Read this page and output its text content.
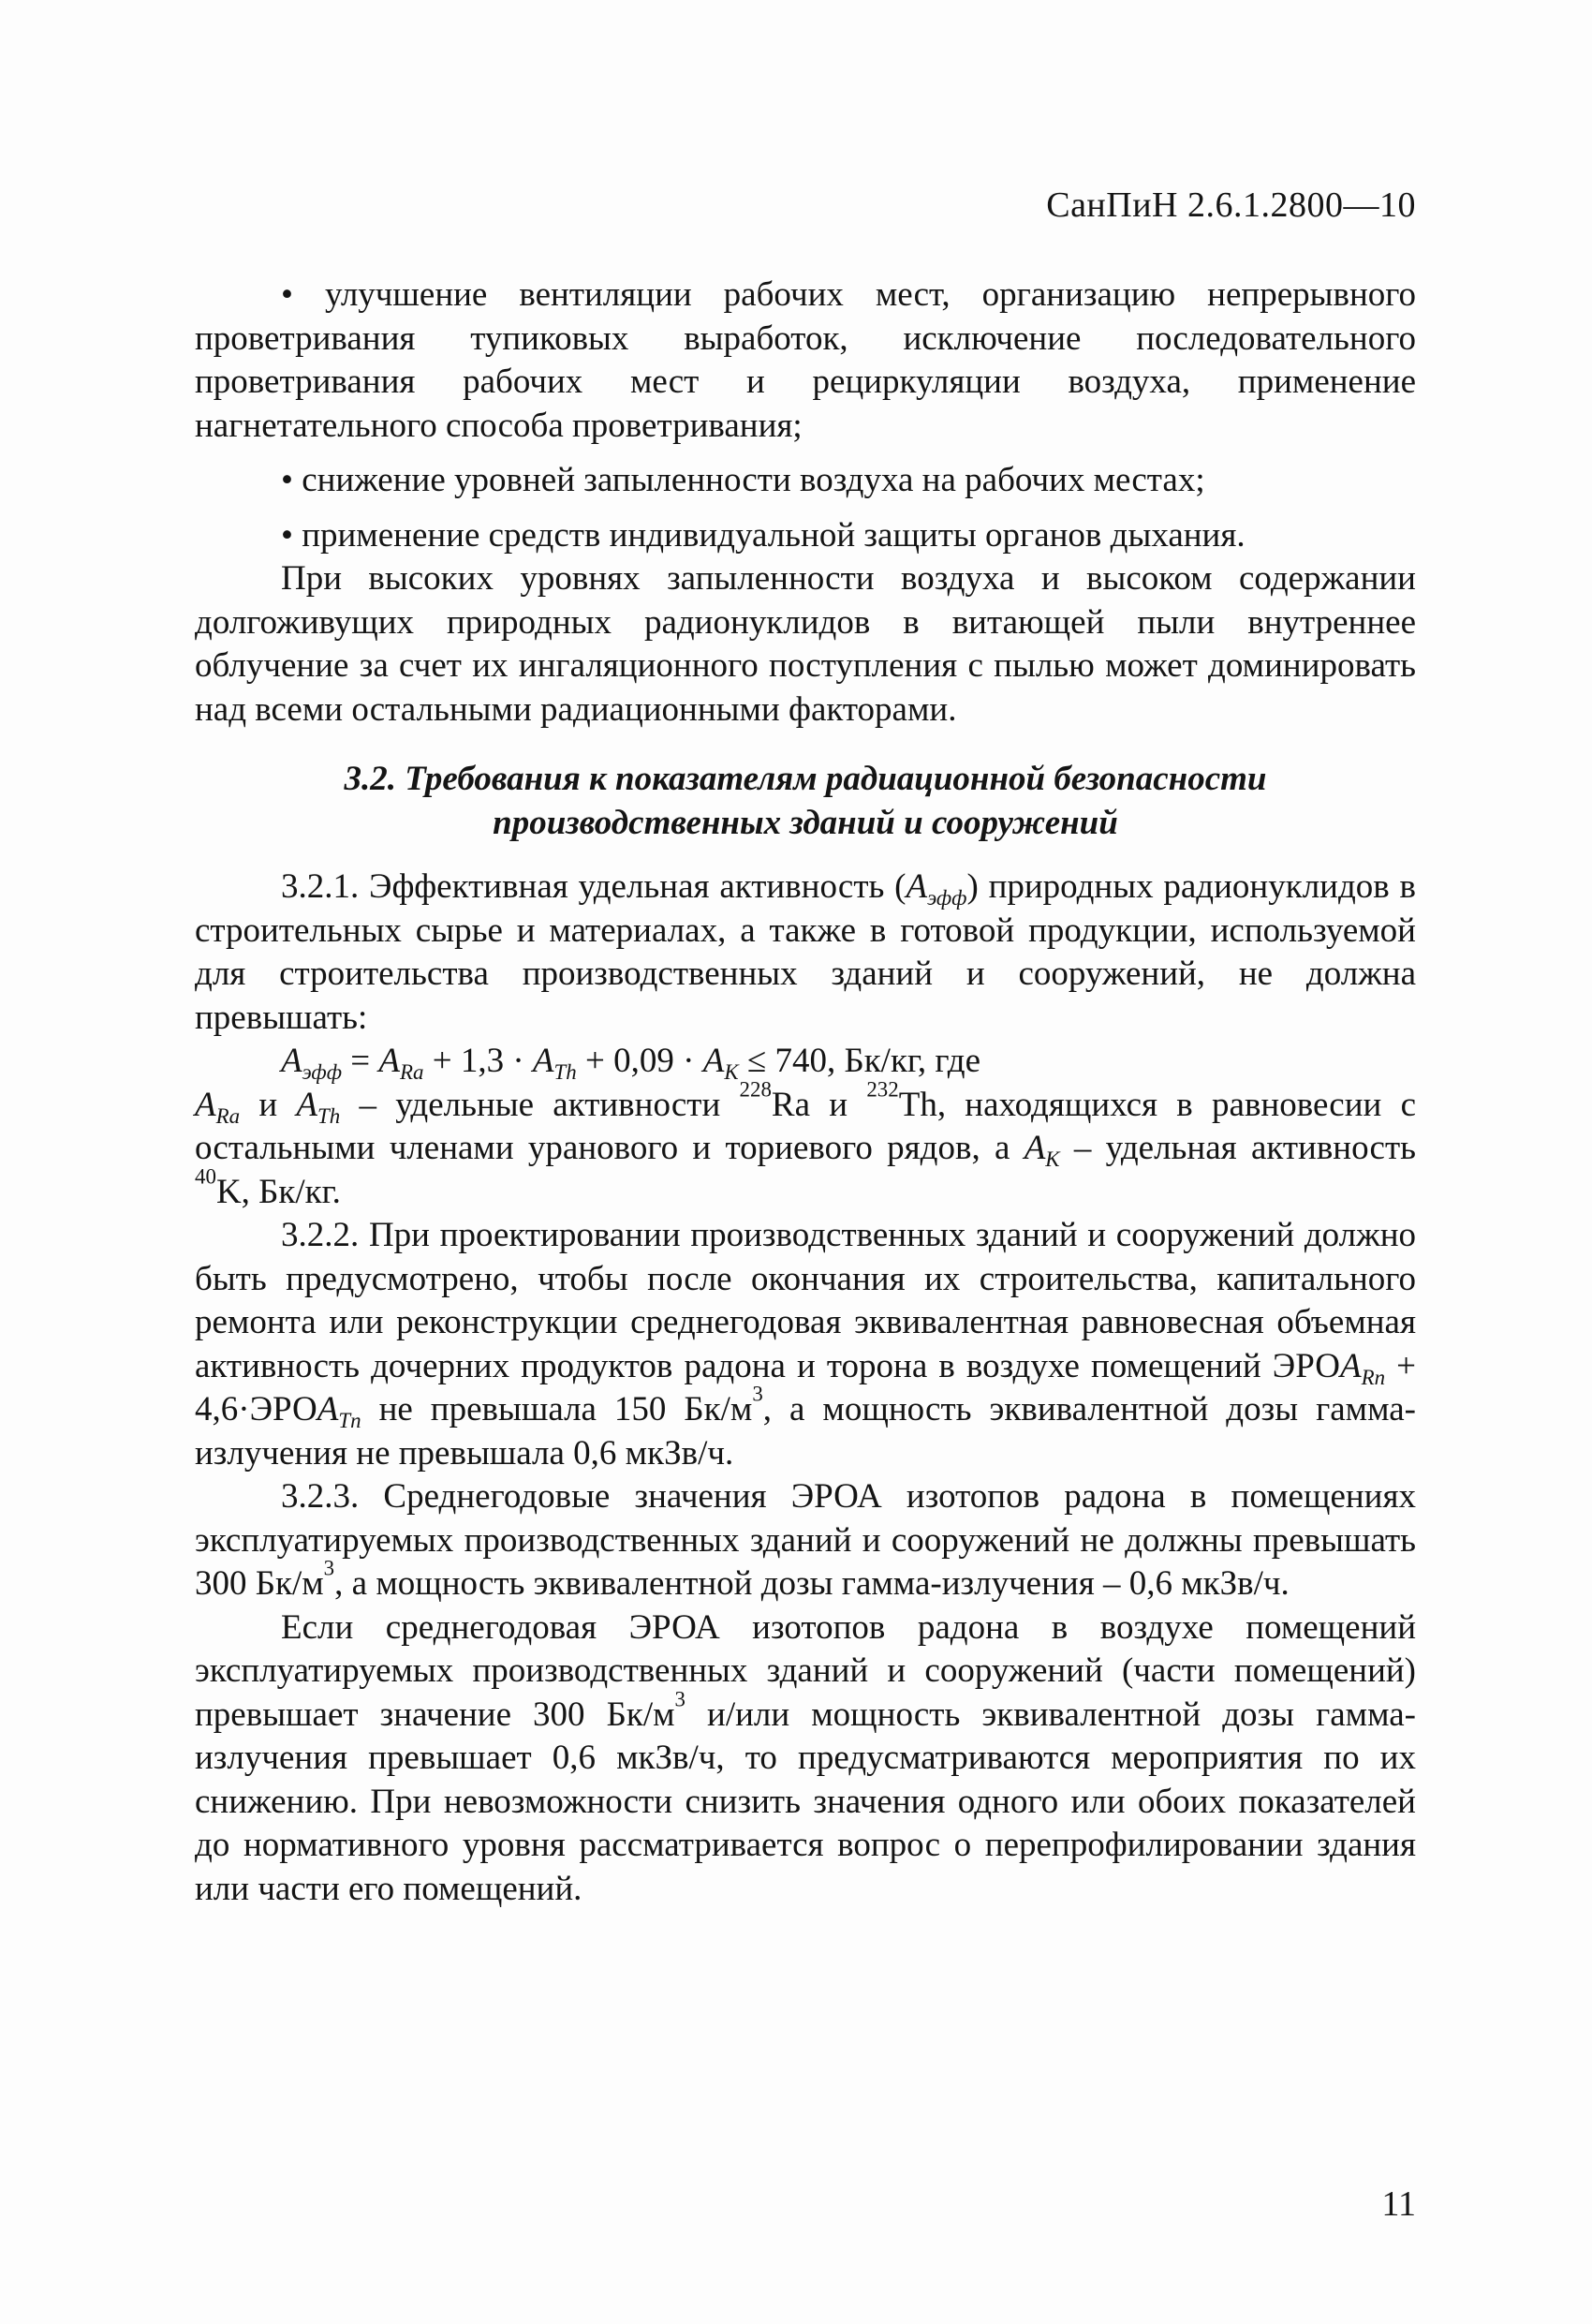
СанПиН 2.6.1.2800—10

• улучшение вентиляции рабочих мест, организацию непрерывного проветривания тупиковых выработок, исключение последовательного проветривания рабочих мест и рециркуляции воздуха, применение нагнетательного способа проветривания;

• снижение уровней запыленности воздуха на рабочих местах;

• применение средств индивидуальной защиты органов дыхания.

При высоких уровнях запыленности воздуха и высоком содержании долгоживущих природных радионуклидов в витающей пыли внутреннее облучение за счет их ингаляционного поступления с пылью может доминировать над всеми остальными радиационными факторами.

3.2. Требования к показателям радиационной безопасности
производственных зданий и сооружений

3.2.1. Эффективная удельная активность $(A_{эфф})$ природных радионуклидов в строительных сырье и материалах, а также в готовой продукции, используемой для строительства производственных зданий и сооружений, не должна превышать:

$A_{эфф} = A_{Ra} + 1,3 \cdot A_{Th} + 0,09 \cdot A_K \le 740$, Бк/кг, где

$A_{Ra}$ и $A_{Th}$ – удельные активности $^{228}$Ra и $^{232}$Th, находящихся в равновесии с остальными членами уранового и ториевого рядов, а $A_K$ – удельная активность $^{40}$K, Бк/кг.

3.2.2. При проектировании производственных зданий и сооружений должно быть предусмотрено, чтобы после окончания их строительства, капитального ремонта или реконструкции среднегодовая эквивалентная равновесная объемная активность дочерних продуктов радона и торона в воздухе помещений $ЭРОA_{Rn}$ + $4,6\cdot ЭРОA_{Tn}$ не превышала 150 $Бк/м^3$, а мощность эквивалентной дозы гамма-излучения не превышала 0,6 мкЗв/ч.

3.2.3. Среднегодовые значения ЭРОА изотопов радона в помещениях эксплуатируемых производственных зданий и сооружений не должны превышать 300 $Бк/м^3$, а мощность эквивалентной дозы гамма-излучения – 0,6 мкЗв/ч.

Если среднегодовая ЭРОА изотопов радона в воздухе помещений эксплуатируемых производственных зданий и сооружений (части помещений) превышает значение 300 $Бк/м^3$ и/или мощность эквивалентной дозы гамма-излучения превышает 0,6 мкЗв/ч, то предусматриваются мероприятия по их снижению. При невозможности снизить значения одного или обоих показателей до нормативного уровня рассматривается вопрос о перепрофилировании здания или части его помещений.

11
